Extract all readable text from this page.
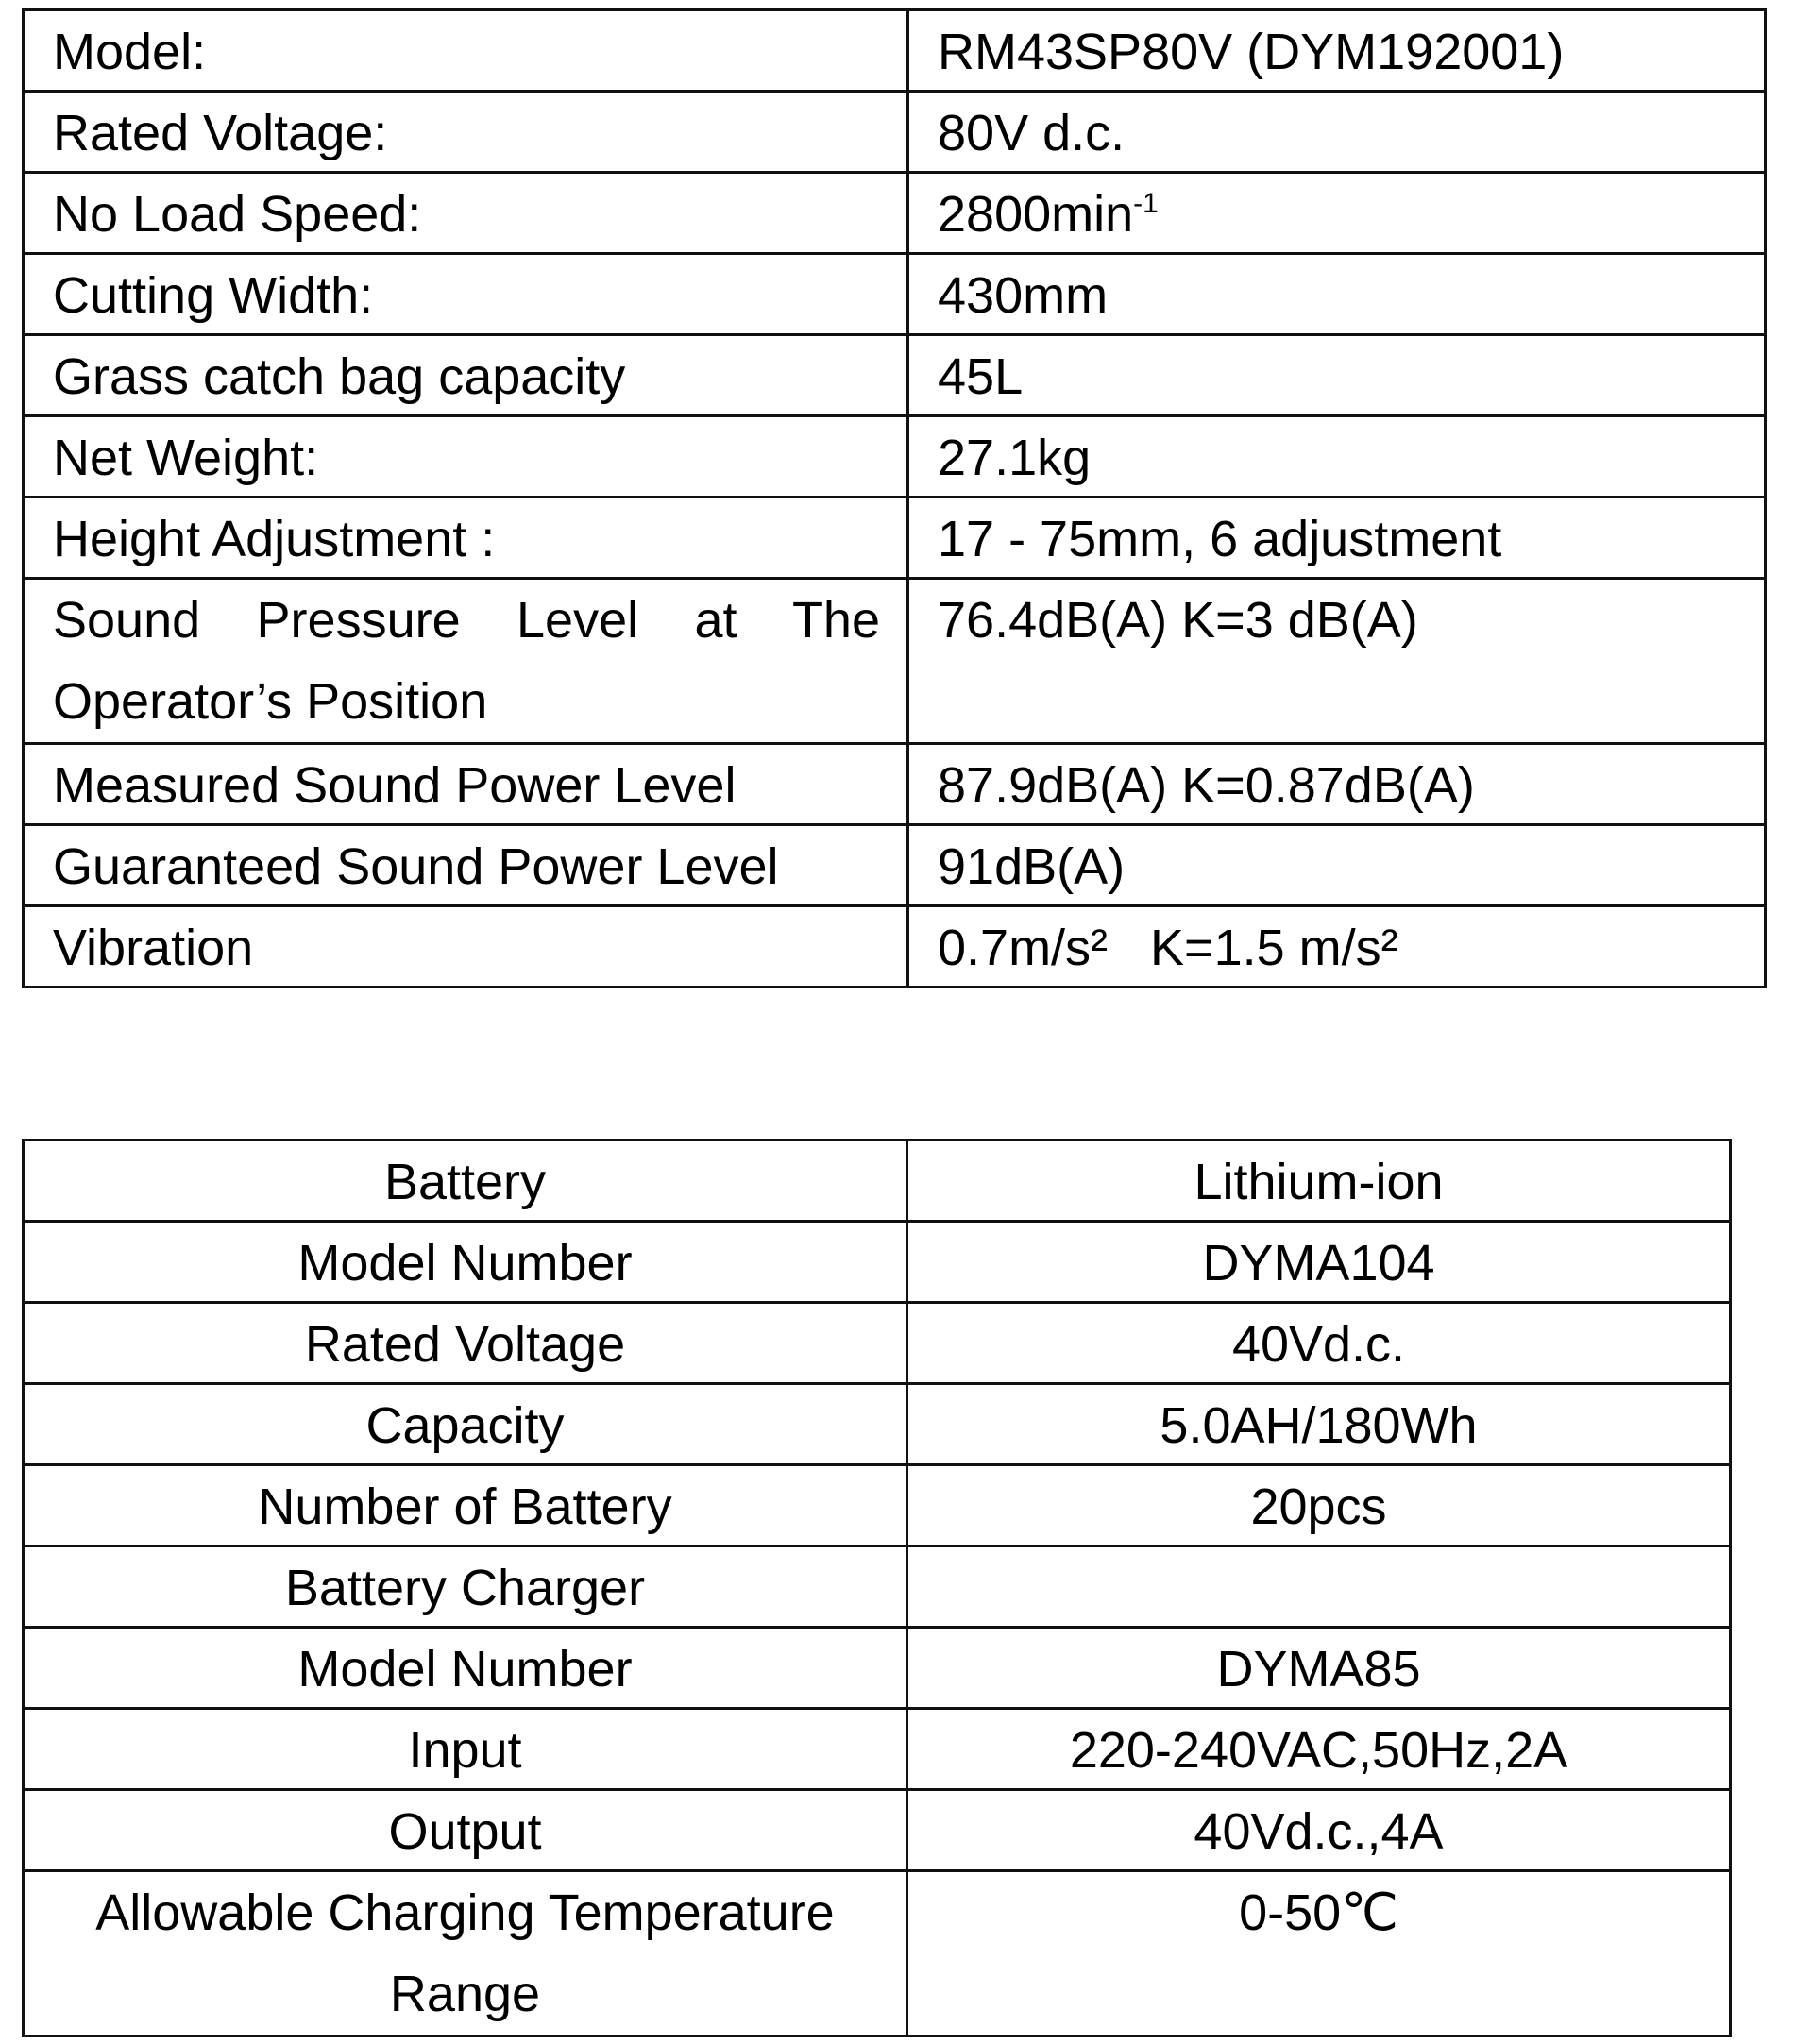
Model:	RM43SP80V (DYM192001)
Rated Voltage:	80V d.c.
No Load Speed:	$2800\min^{-1}$
Cutting Width:	430mm
Grass catch bag capacity	45L
Net Weight:	27.1kg
Height Adjustment :	17 - 75mm, 6 adjustment
Sound Pressure Level at The Operator’s Position	76.4dB(A) K=3 dB(A)
Measured Sound Power Level	87.9dB(A) K=0.87dB(A)
Guaranteed Sound Power Level	91dB(A)
Vibration	0.7m/s²   K=1.5 m/s²
Battery	Lithium-ion
Model Number	DYMA104
Rated Voltage	40Vd.c.
Capacity	5.0AH/180Wh
Number of Battery	20pcs
Battery Charger	
Model Number	DYMA85
Input	220-240VAC,50Hz,2A
Output	40Vd.c.,4A
Allowable Charging Temperature Range	0-50℃
